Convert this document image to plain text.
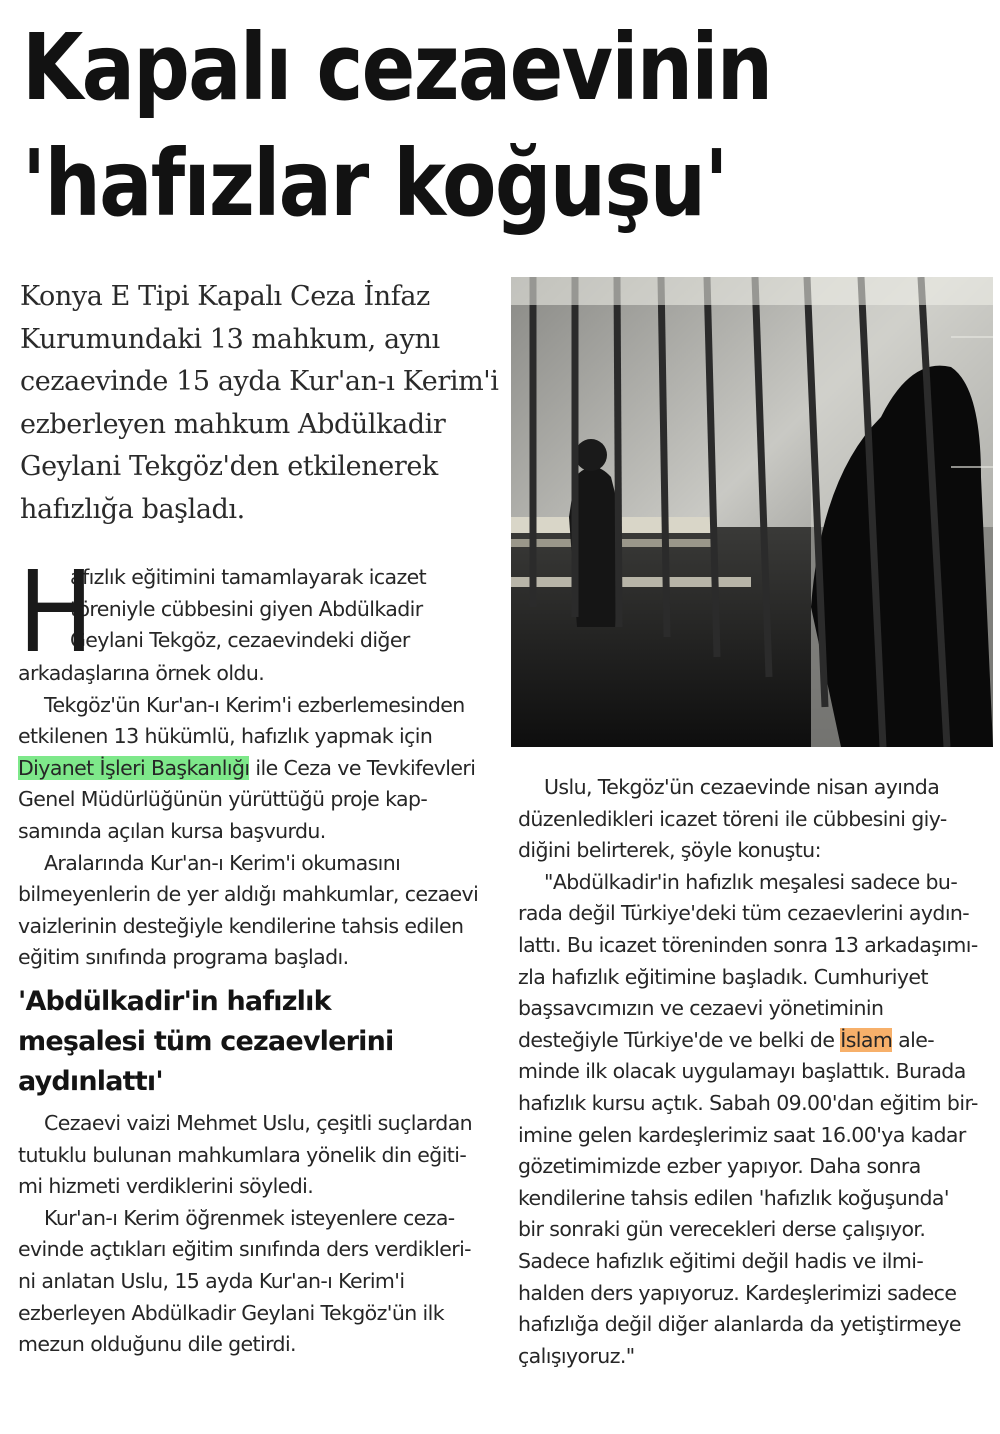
Kapalı cezaevinin
'hafızlar koğuşu'
Konya E Tipi Kapalı Ceza İnfaz
Kurumundaki 13 mahkum, aynı
cezaevinde 15 ayda Kur'an-ı Kerim'i
ezberleyen mahkum Abdülkadir
Geylani Tekgöz'den etkilenerek
hafızlığa başladı.
H
afızlık eğitimini tamamlayarak icazet
töreniyle cübbesini giyen Abdülkadir
Geylani Tekgöz, cezaevindeki diğer
arkadaşlarına örnek oldu.
Tekgöz'ün Kur'an-ı Kerim'i ezberlemesinden
etkilenen 13 hükümlü, hafızlık yapmak için
Diyanet İşleri Başkanlığı ile Ceza ve Tevkifevleri
Genel Müdürlüğünün yürüttüğü proje kap-
samında açılan kursa başvurdu.
Aralarında Kur'an-ı Kerim'i okumasını
bilmeyenlerin de yer aldığı mahkumlar, cezaevi
vaizlerinin desteğiyle kendilerine tahsis edilen
eğitim sınıfında programa başladı.
'Abdülkadir'in hafızlık
meşalesi tüm cezaevlerini
aydınlattı'
Cezaevi vaizi Mehmet Uslu, çeşitli suçlardan
tutuklu bulunan mahkumlara yönelik din eğiti-
mi hizmeti verdiklerini söyledi.
Kur'an-ı Kerim öğrenmek isteyenlere ceza-
evinde açtıkları eğitim sınıfında ders verdikleri-
ni anlatan Uslu, 15 ayda Kur'an-ı Kerim'i
ezberleyen Abdülkadir Geylani Tekgöz'ün ilk
mezun olduğunu dile getirdi.
Uslu, Tekgöz'ün cezaevinde nisan ayında
düzenledikleri icazet töreni ile cübbesini giy-
diğini belirterek, şöyle konuştu:
"Abdülkadir'in hafızlık meşalesi sadece bu-
rada değil Türkiye'deki tüm cezaevlerini aydın-
lattı. Bu icazet töreninden sonra 13 arkadaşımı-
zla hafızlık eğitimine başladık. Cumhuriyet
başsavcımızın ve cezaevi yönetiminin
desteğiyle Türkiye'de ve belki de İslam ale-
minde ilk olacak uygulamayı başlattık. Burada
hafızlık kursu açtık. Sabah 09.00'dan eğitim bir-
imine gelen kardeşlerimiz saat 16.00'ya kadar
gözetimimizde ezber yapıyor. Daha sonra
kendilerine tahsis edilen 'hafızlık koğuşunda'
bir sonraki gün verecekleri derse çalışıyor.
Sadece hafızlık eğitimi değil hadis ve ilmi-
halden ders yapıyoruz. Kardeşlerimizi sadece
hafızlığa değil diğer alanlarda da yetiştirmeye
çalışıyoruz."
